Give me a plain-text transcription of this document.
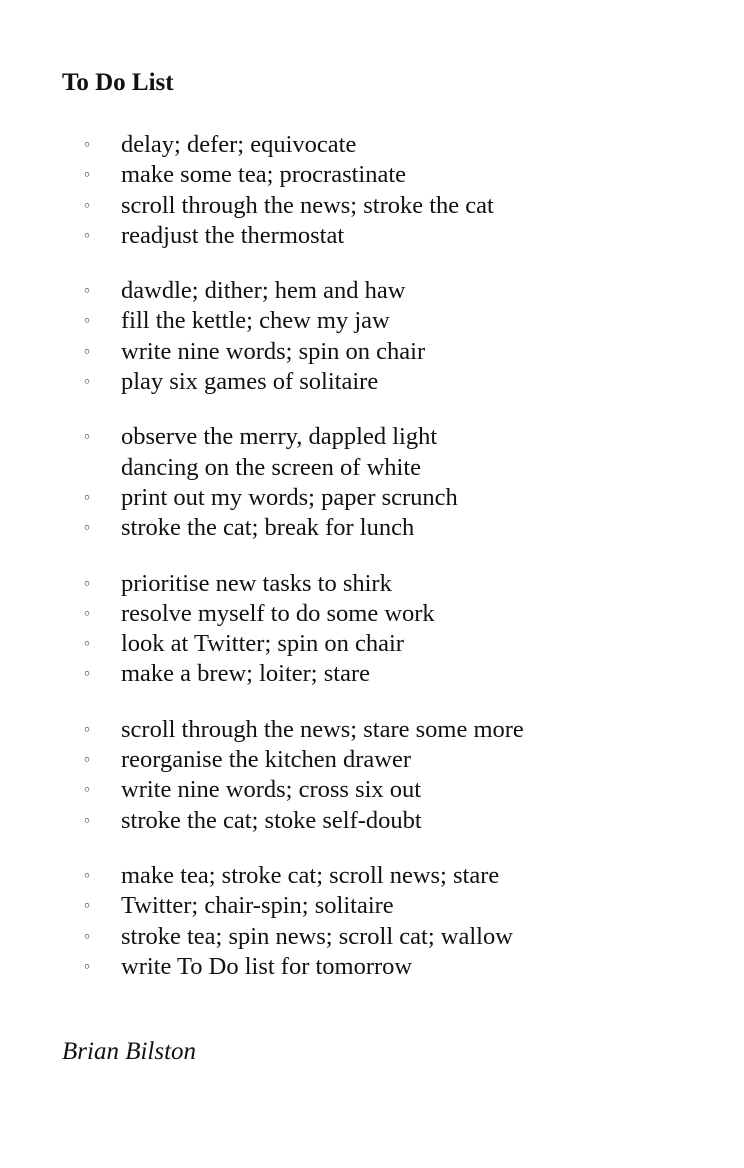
To Do List
◦ delay; defer; equivocate
◦ make some tea; procrastinate
◦ scroll through the news; stroke the cat
◦ readjust the thermostat
◦ dawdle; dither; hem and haw
◦ fill the kettle; chew my jaw
◦ write nine words; spin on chair
◦ play six games of solitaire
◦ observe the merry, dappled light
dancing on the screen of white
◦ print out my words; paper scrunch
◦ stroke the cat; break for lunch
◦ prioritise new tasks to shirk
◦ resolve myself to do some work
◦ look at Twitter; spin on chair
◦ make a brew; loiter; stare
◦ scroll through the news; stare some more
◦ reorganise the kitchen drawer
◦ write nine words; cross six out
◦ stroke the cat; stoke self-doubt
◦ make tea; stroke cat; scroll news; stare
◦ Twitter; chair-spin; solitaire
◦ stroke tea; spin news; scroll cat; wallow
◦ write To Do list for tomorrow
Brian Bilston
